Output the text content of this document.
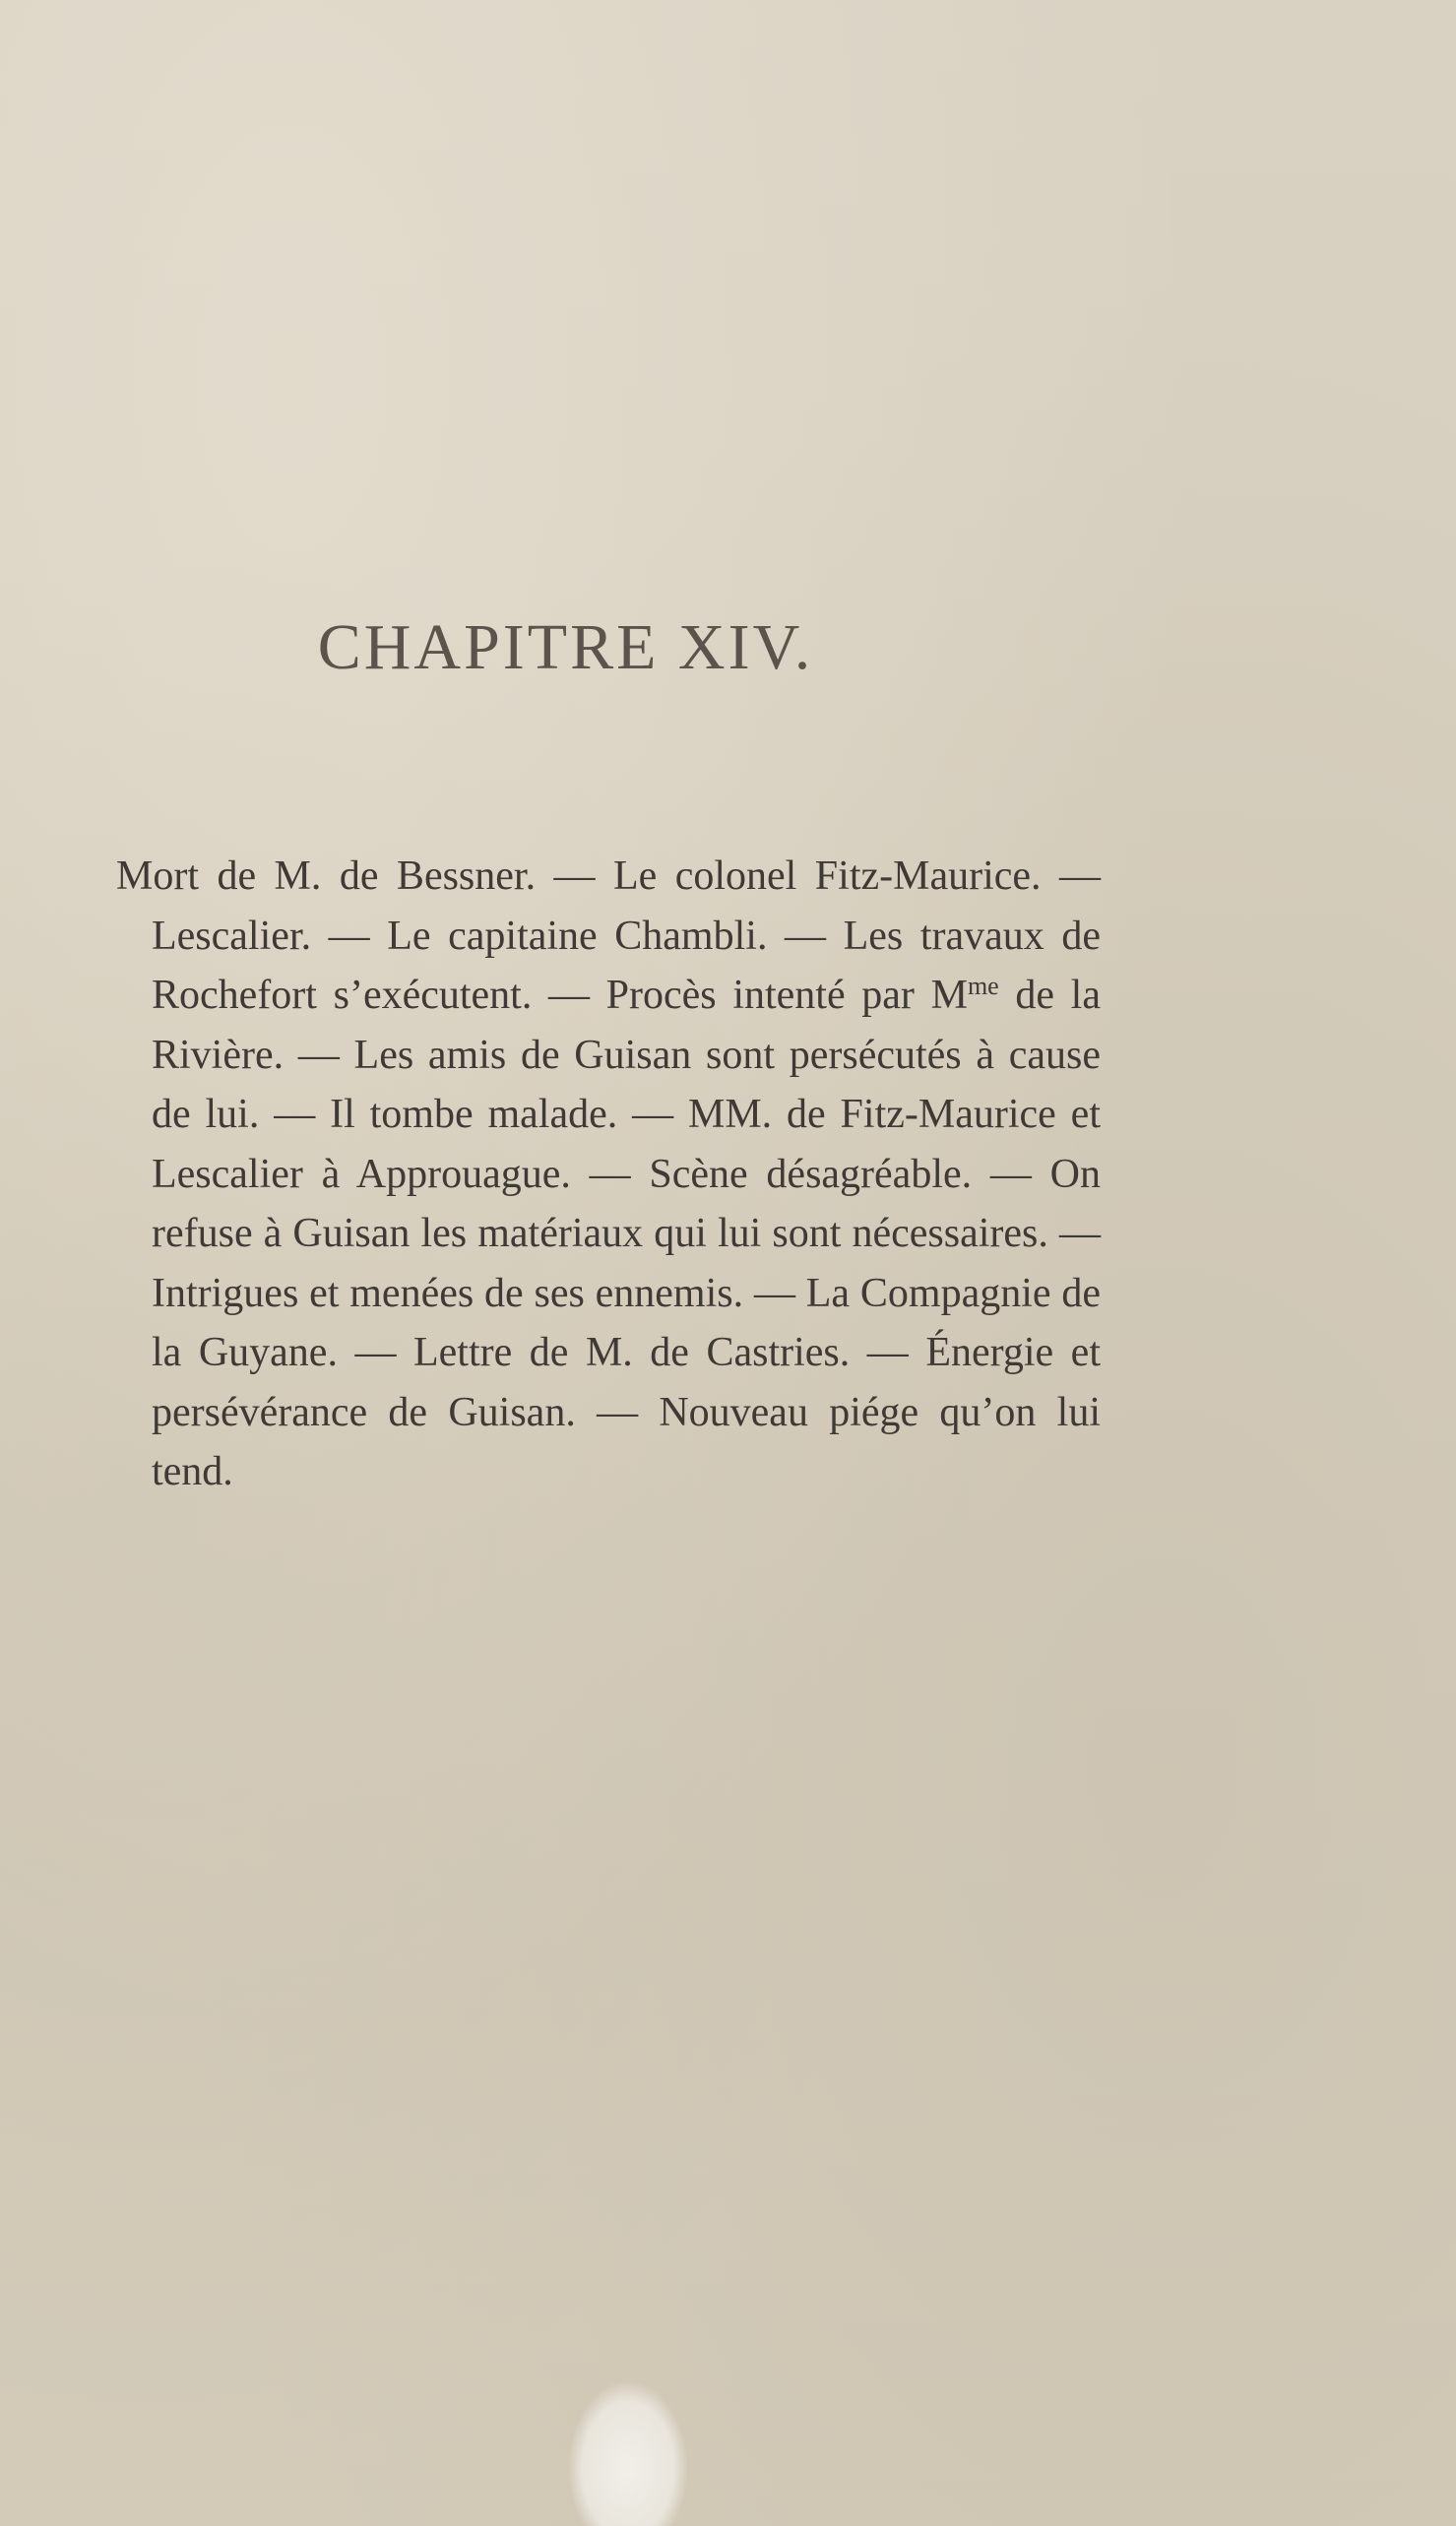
CHAPITRE XIV.

Mort de M. de Bessner. — Le colonel Fitz-Maurice. — Lescalier. — Le capitaine Chambli. — Les travaux de Rochefort s’exécutent. — Procès intenté par $M^{me}$ de la Rivière. — Les amis de Guisan sont persécutés à cause de lui. — Il tombe malade. — MM. de Fitz-Maurice et Lescalier à Approuague. — Scène désagréable. — On refuse à Guisan les matériaux qui lui sont nécessaires. — Intrigues et menées de ses ennemis. — La Compagnie de la Guyane. — Lettre de M. de Castries. — Énergie et persévérance de Guisan. — Nouveau piége qu’on lui tend.
